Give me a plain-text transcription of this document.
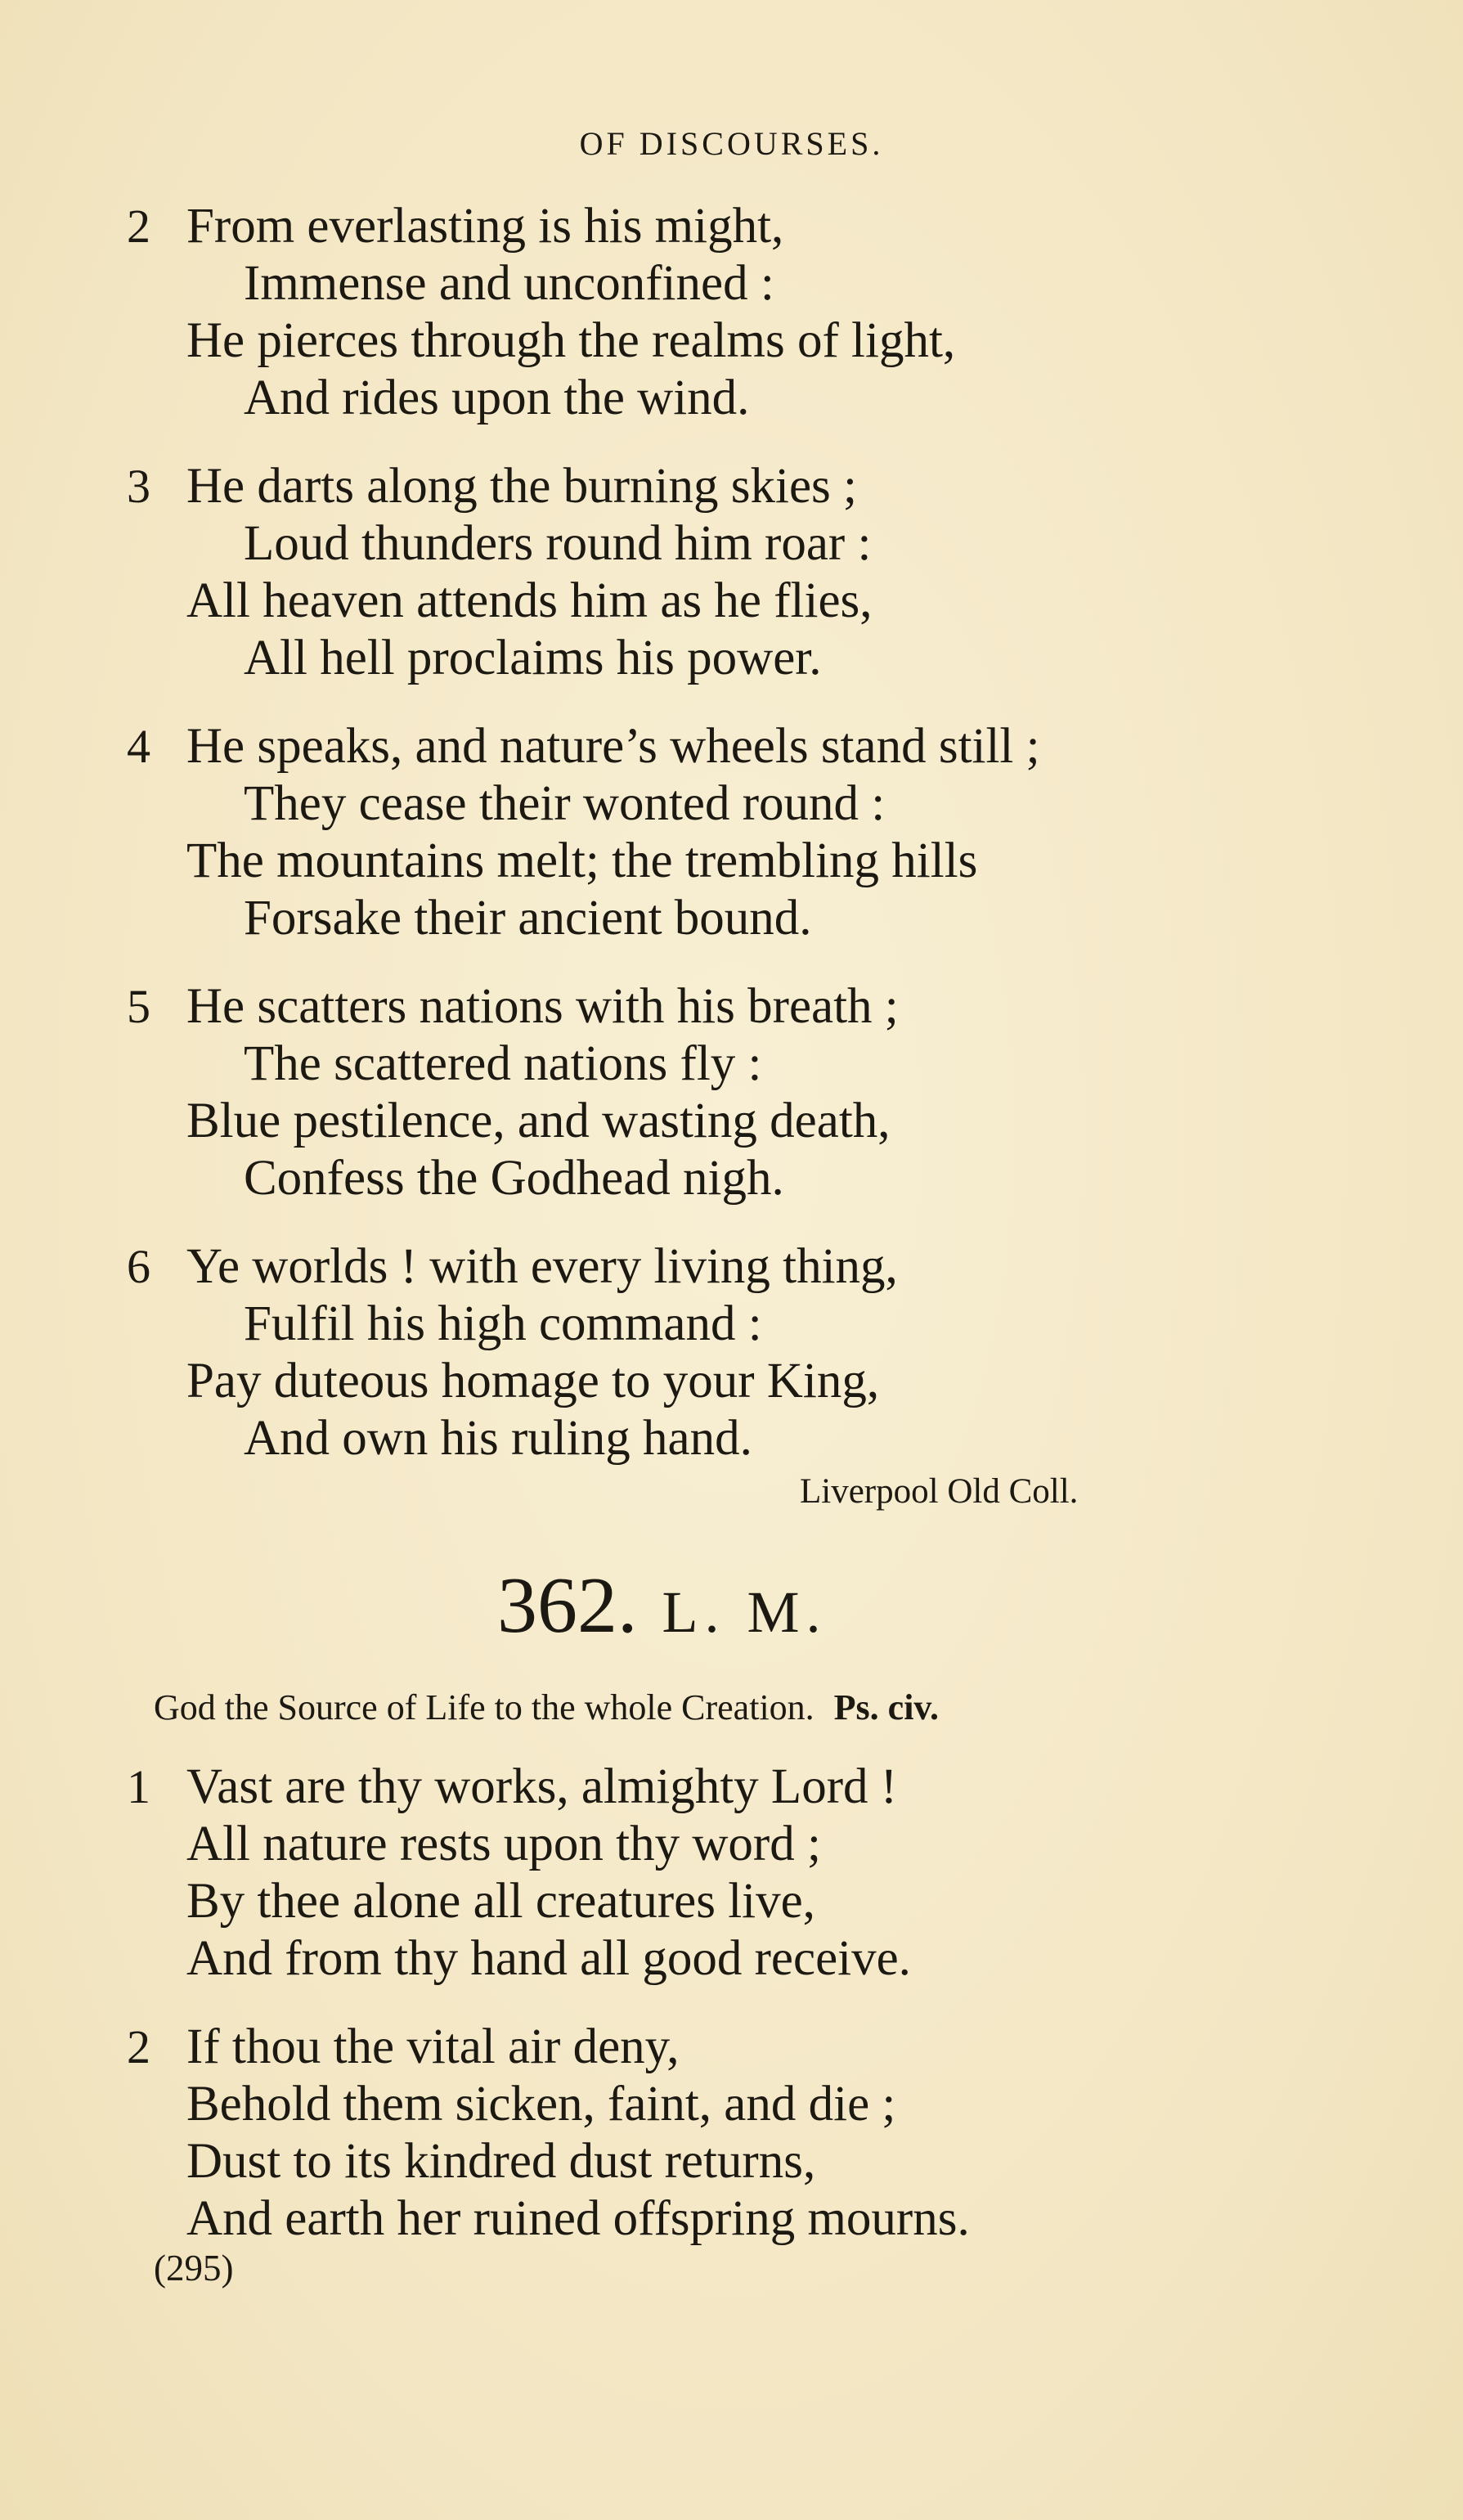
OF DISCOURSES.
2 From everlasting is his might,
Immense and unconfined :
He pierces through the realms of light,
And rides upon the wind.
3 He darts along the burning skies ;
Loud thunders round him roar :
All heaven attends him as he flies,
All hell proclaims his power.
4 He speaks, and nature’s wheels stand still ;
They cease their wonted round :
The mountains melt; the trembling hills
Forsake their ancient bound.
5 He scatters nations with his breath ;
The scattered nations fly :
Blue pestilence, and wasting death,
Confess the Godhead nigh.
6 Ye worlds ! with every living thing,
Fulfil his high command :
Pay duteous homage to your King,
And own his ruling hand.
Liverpool Old Coll.
362. L. M.
God the Source of Life to the whole Creation. Ps. civ.
1 Vast are thy works, almighty Lord !
All nature rests upon thy word ;
By thee alone all creatures live,
And from thy hand all good receive.
2 If thou the vital air deny,
Behold them sicken, faint, and die ;
Dust to its kindred dust returns,
And earth her ruined offspring mourns.
(295)
